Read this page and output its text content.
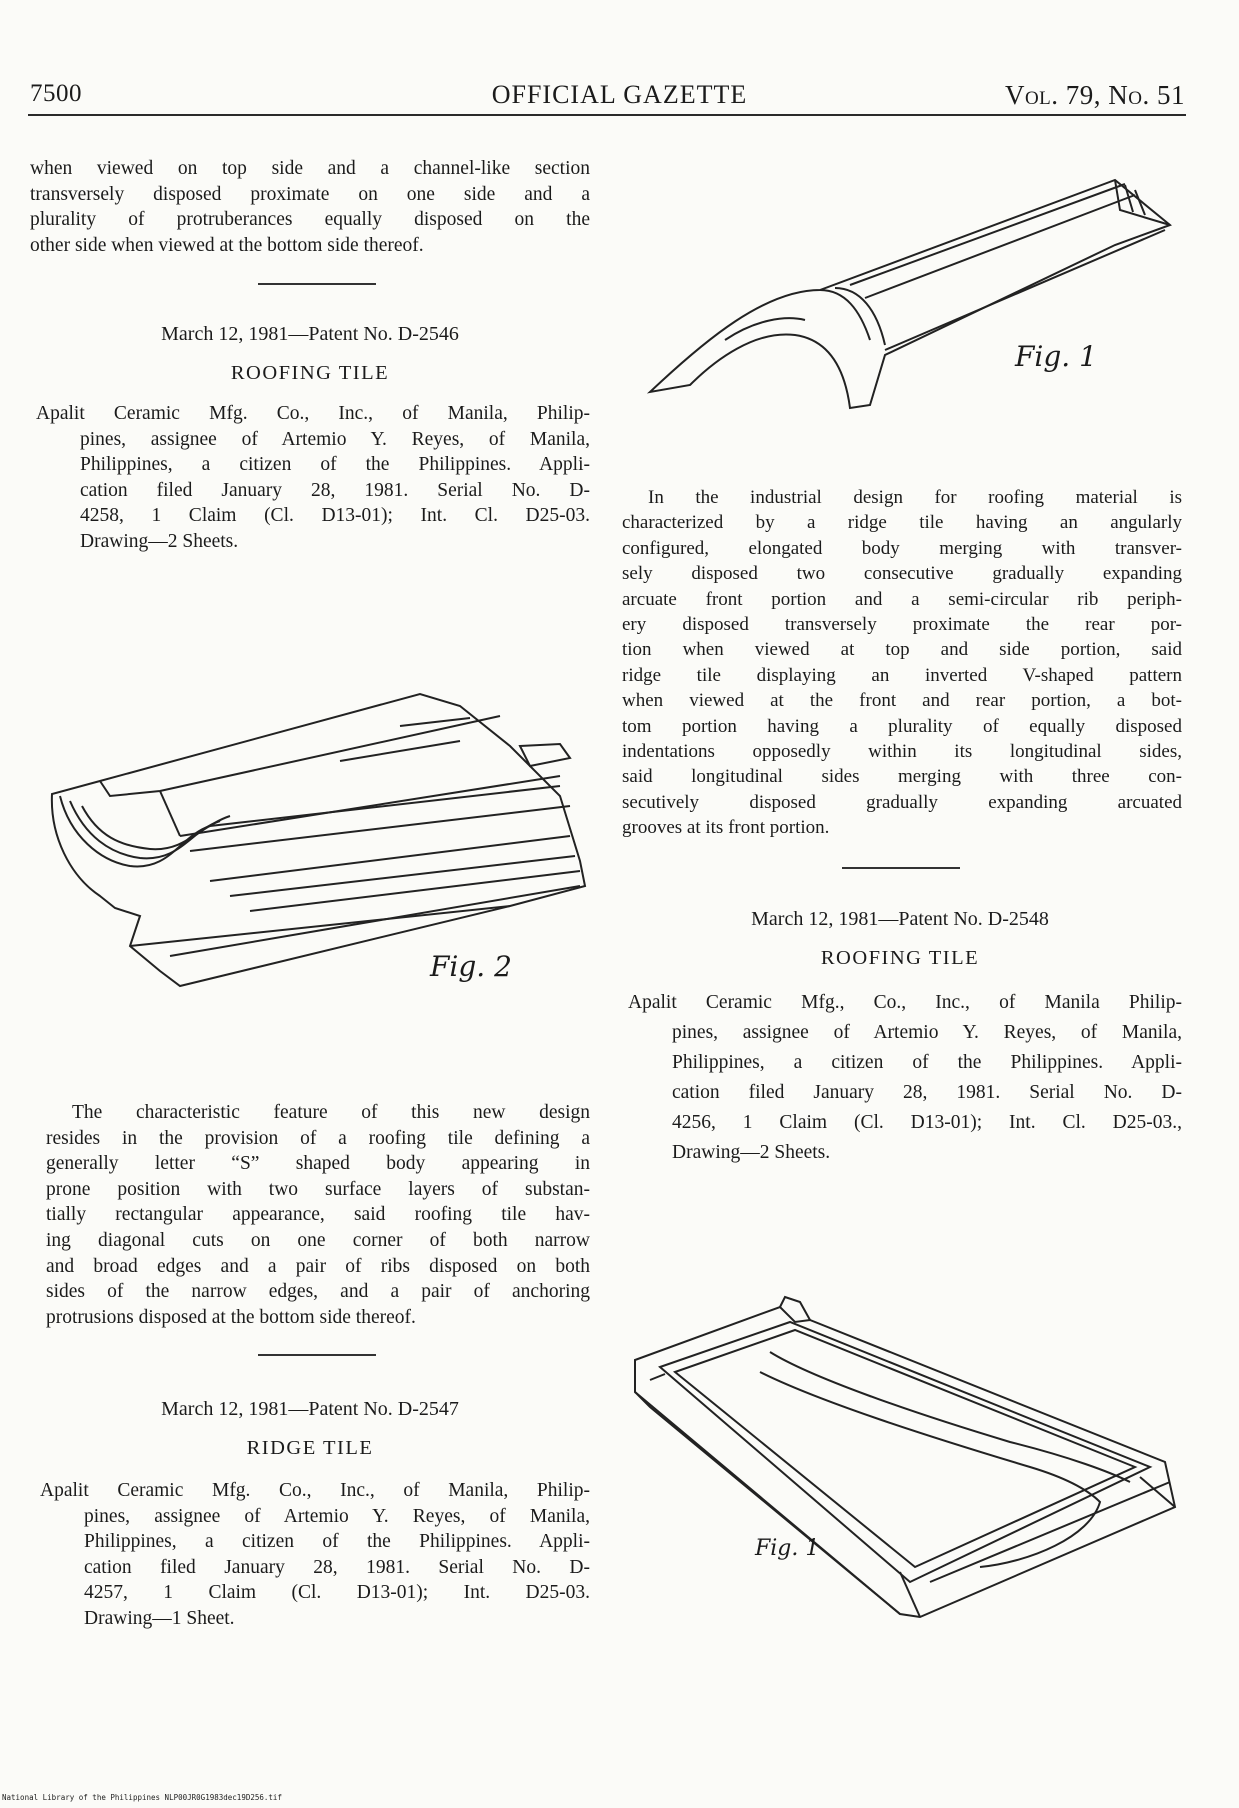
7500	OFFICIAL GAZETTE	Vol. 79, No. 51
when viewed on top side and a channel-like section
transversely disposed proximate on one side and a
plurality of protruberances equally disposed on the
other side when viewed at the bottom side thereof.
March 12, 1981—Patent No. D-2546
ROOFING TILE
Apalit Ceramic Mfg. Co., Inc., of Manila, Philip-
pines, assignee of Artemio Y. Reyes, of Manila,
Philippines, a citizen of the Philippines. Appli-
cation filed January 28, 1981. Serial No. D-
4258, 1 Claim (Cl. D13-01); Int. Cl. D25-03.
Drawing—2 Sheets.
Fig. 2
The characteristic feature of this new design
resides in the provision of a roofing tile defining a
generally letter “S” shaped body appearing in
prone position with two surface layers of substan-
tially rectangular appearance, said roofing tile hav-
ing diagonal cuts on one corner of both narrow
and broad edges and a pair of ribs disposed on both
sides of the narrow edges, and a pair of anchoring
protrusions disposed at the bottom side thereof.
March 12, 1981—Patent No. D-2547
RIDGE TILE
Apalit Ceramic Mfg. Co., Inc., of Manila, Philip-
pines, assignee of Artemio Y. Reyes, of Manila,
Philippines, a citizen of the Philippines. Appli-
cation filed January 28, 1981. Serial No. D-
4257, 1 Claim (Cl. D13-01); Int. D25-03.
Drawing—1 Sheet.
Fig. 1
In the industrial design for roofing material is
characterized by a ridge tile having an angularly
configured, elongated body merging with transver-
sely disposed two consecutive gradually expanding
arcuate front portion and a semi-circular rib periph-
ery disposed transversely proximate the rear por-
tion when viewed at top and side portion, said
ridge tile displaying an inverted V-shaped pattern
when viewed at the front and rear portion, a bot-
tom portion having a plurality of equally disposed
indentations opposedly within its longitudinal sides,
said longitudinal sides merging with three con-
secutively disposed gradually expanding arcuated
grooves at its front portion.
March 12, 1981—Patent No. D-2548
ROOFING TILE
Apalit Ceramic Mfg., Co., Inc., of Manila Philip-
pines, assignee of Artemio Y. Reyes, of Manila,
Philippines, a citizen of the Philippines. Appli-
cation filed January 28, 1981. Serial No. D-
4256, 1 Claim (Cl. D13-01); Int. Cl. D25-03.,
Drawing—2 Sheets.
Fig. 1
National Library of the Philippines NLP00JR0G1983dec19D256.tif
